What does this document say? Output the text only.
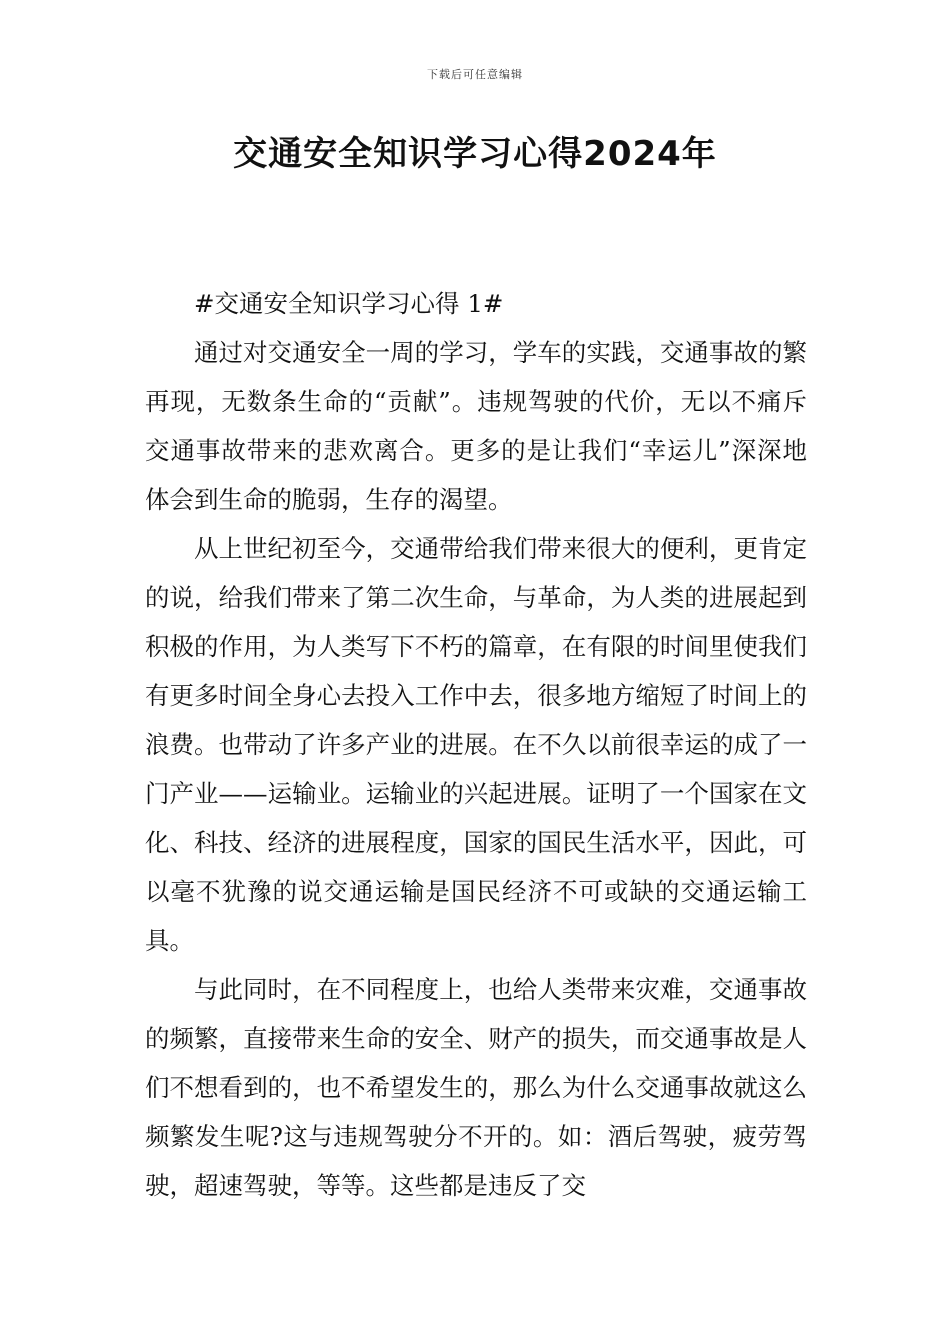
下载后可任意编辑
交通安全知识学习心得2024年

#交通安全知识学习心得 1#

通过对交通安全一周的学习，学车的实践，交通事故的繁再现，无数条生命的“贡献”。违规驾驶的代价，无以不痛斥交通事故带来的悲欢离合。更多的是让我们“幸运儿”深深地体会到生命的脆弱，生存的渴望。

从上世纪初至今，交通带给我们带来很大的便利，更肯定的说，给我们带来了第二次生命，与革命，为人类的进展起到积极的作用，为人类写下不朽的篇章，在有限的时间里使我们有更多时间全身心去投入工作中去，很多地方缩短了时间上的浪费。也带动了许多产业的进展。在不久以前很幸运的成了一门产业——运输业。运输业的兴起进展。证明了一个国家在文化、科技、经济的进展程度，国家的国民生活水平，因此，可以毫不犹豫的说交通运输是国民经济不可或缺的交通运输工具。

与此同时，在不同程度上，也给人类带来灾难，交通事故的频繁，直接带来生命的安全、财产的损失，而交通事故是人们不想看到的，也不希望发生的，那么为什么交通事故就这么频繁发生呢?这与违规驾驶分不开的。如：酒后驾驶，疲劳驾驶，超速驾驶，等等。这些都是违反了交
